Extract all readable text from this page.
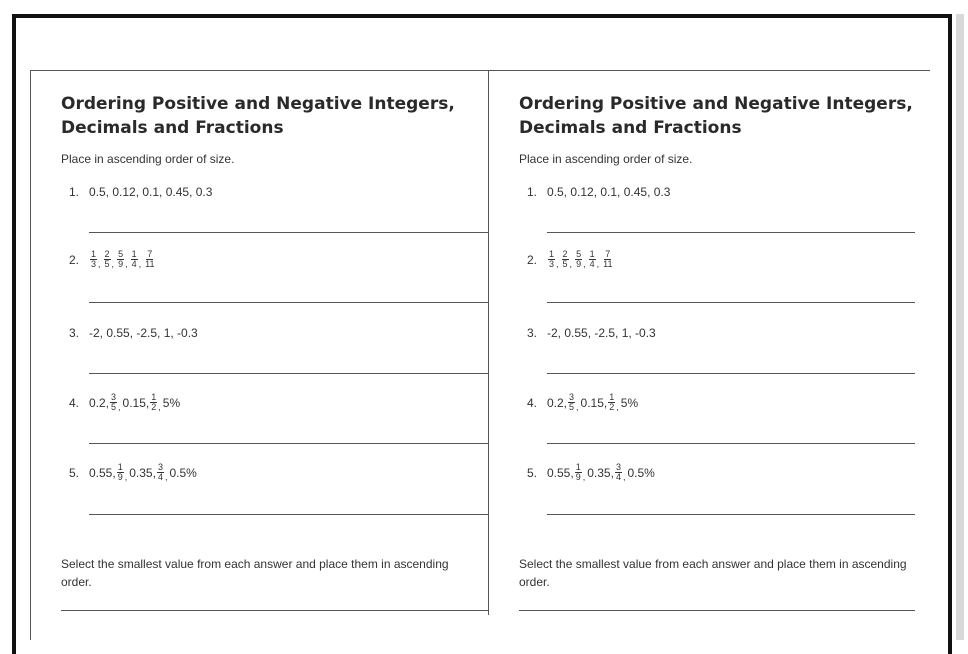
Ordering Positive and Negative Integers,
Decimals and Fractions
Place in ascending order of size.
1. 0.5, 0.12, 0.1, 0.45, 0.3
2.	$\frac{1}{3}$ , $\frac{2}{5}$ , $\frac{5}{9}$ , $\frac{1}{4}$ , $\frac{7}{11}$
3. -2, 0.55, -2.5, 1, -0.3
4. 0.2, $\frac{3}{5}$ , 0.15, $\frac{1}{2}$ , 5%
5. 0.55, $\frac{1}{9}$ , 0.35, $\frac{3}{4}$ , 0.5%
Select the smallest value from each answer and place them in ascending order.
Ordering Positive and Negative Integers,
Decimals and Fractions
Place in ascending order of size.
1. 0.5, 0.12, 0.1, 0.45, 0.3
2.	$\frac{1}{3}$ , $\frac{2}{5}$ , $\frac{5}{9}$ , $\frac{1}{4}$ , $\frac{7}{11}$
3. -2, 0.55, -2.5, 1, -0.3
4. 0.2, $\frac{3}{5}$ , 0.15, $\frac{1}{2}$ , 5%
5. 0.55, $\frac{1}{9}$ , 0.35, $\frac{3}{4}$ , 0.5%
Select the smallest value from each answer and place them in ascending order.
